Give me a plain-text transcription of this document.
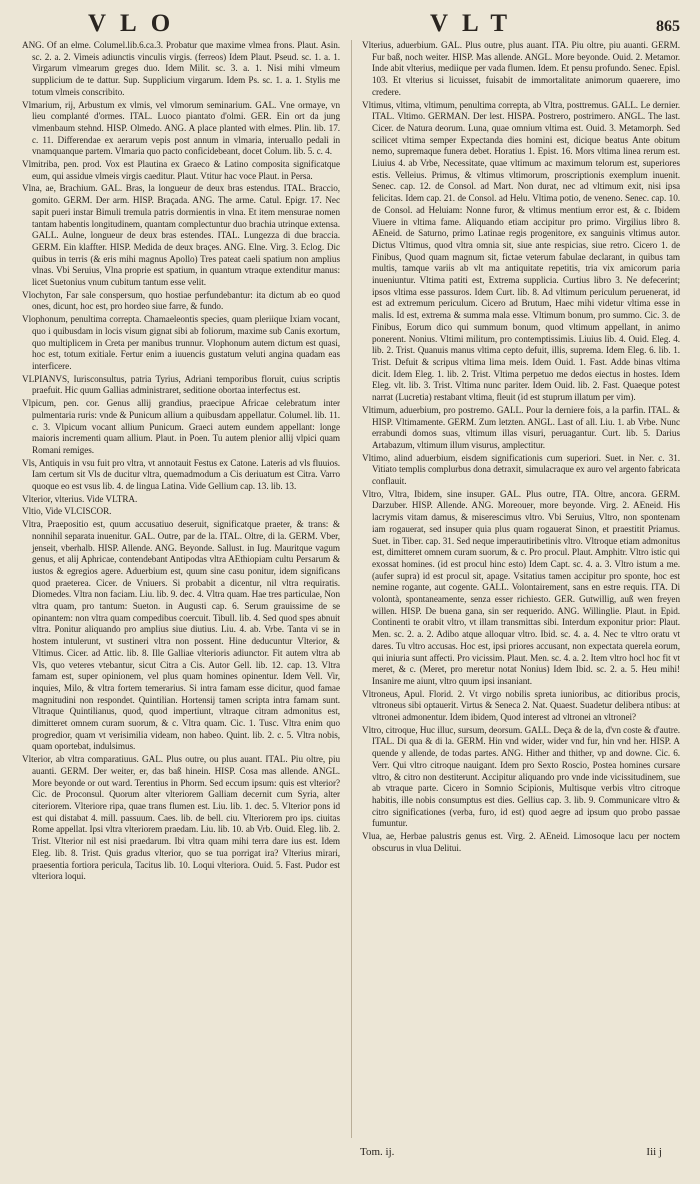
VLO	VLT	865

ANG. Of an elme. Columel.lib.6.ca.3. Probatur que maxime vlmea frons. Plaut. Asin. sc. 2. a. 2. Vimeis adiunctis vinculis virgis. (ferreos) Idem Plaut. Pseud. sc. 1. a. 1. Virgarum vlmearum greges duo. Idem Milit. sc. 3. a. 1. Nisi mihi vlmeum supplicium de te dattur. Sup. Supplicium virgarum. Idem Ps. sc. 1. a. 1. Stylis me totum vlmeis conscribito.

Vlmarium, rij, Arbustum ex vlmis, vel vlmorum seminarium. GAL. Vne ormaye, vn lieu complanté d'ormes. ITAL. Luoco piantato d'olmi. GER. Ein ort da jung vlmenbaum stehnd. HISP. Olmedo. ANG. A place planted with elmes. Plin. lib. 17. c. 11. Differendae ex aerarum vepis post annum in vlmaria, interuallo pedali in vnamquanque partem. Vlmaria quo pacto conficidebeant, docet Colum. lib. 5. c. 4.

Vlmitriba, pen. prod. Vox est Plautina ex Graeco & Latino composita significatque eum, qui assidue vlmeis virgis caeditur. Plaut. Vtitur hac voce Plaut. in Persa.

Vlna, ae, Brachium. GAL. Bras, la longueur de deux bras estendus. ITAL. Braccio, gomito. GERM. Der arm. HISP. Braçada. ANG. The arme. Catul. Epigr. 17. Nec sapit pueri instar Bimuli tremula patris dormientis in vlna. Et item mensurae nomen tantam habentis longitudinem, quantam complectuntur duo brachia utrinque extensa. GALL. Aulne, longueur de deux bras estendes. ITAL. Lungezza di due braccia. GERM. Ein klaffter. HISP. Medida de deux braçes. ANG. Elne. Virg. 3. Eclog. Dic quibus in terris (& eris mihi magnus Apollo) Tres pateat caeli spatium non amplius vlnas. Vbi Seruius, Vlna proprie est spatium, in quantum vtraque extenditur manus: licet Suetonius vnum cubitum tantum esse velit.

Vlochyton, Far sale conspersum, quo hostiae perfundebantur: ita dictum ab eo quod ones, dicunt, hoc est, pro hordeo siue farre, & fundo.

Vlophonum, penultima correpta. Chamaeleontis species, quam pleriique Ixiam vocant, quo i quibusdam in locis visum gignat sibi ab foliorum, maxime sub Canis exortum, quo multiplicem in Creta per manibus trunnur. Vlophonum autem dictum est quasi, hoc est, totum exitiale. Fertur enim a iuuencis gustatum veluti angina quadam eas interficere.

VLPIANVS, Iurisconsultus, patria Tyrius, Adriani temporibus floruit, cuius scriptis praefuit. Hic quum Gallias administraret, seditione obortaa interfectus est.

Vlpicum, pen. cor. Genus allij grandius, praecipue Africae celebratum inter pulmentaria ruris: vnde & Punicum allium a quibusdam appellatur. Columel. lib. 11. c. 3. Vlpicum vocant allium Punicum. Graeci autem eundem appellant: longe maioris incrementi quam allium. Plaut. in Poen. Tu autem plenior allij vlpici quam Romani remiges.

Vls, Antiquis in vsu fuit pro vltra, vt annotauit Festus ex Catone. Lateris ad vls fluuios. Iam certum sit Vls de ducitur vltra, quemadmodum a Cis deriuatum est Citra. Varro quoque eo est vsus lib. 4. de lingua Latina. Vide Gellium cap. 13. lib. 13.

Vlterior, vlterius. Vide VLTRA.

Vltio, Vide VLCISCOR.

Vltra, Praepositio est, quum accusatiuo deseruit, significatque praeter, & trans: & nonnihil separata inuenitur. GAL. Outre, par de la. ITAL. Oltre, di la. GERM. Vber, jenseit, vberhalb. HISP. Allende. ANG. Beyonde. Sallust. in Iug. Mauritque vagum genus, et alij Aphricae, contendebant Antipodas vltra AEthiopiam cultu Persarum & iustos & egregios agere. Aduerbium est, quum sine casu ponitur, idem significans quod praeterea. Cicer. de Vniuers. Si probabit a dicentur, nil vltra requiratis. Diomedes. Vltra non faciam. Liu. lib. 9. dec. 4. Vltra quam. Hae tres particulae, Non vltra quam, pro tantum: Sueton. in Augusti cap. 6. Serum grauissime de se opinantem: non vltra quam compedibus coercuit. Tibull. lib. 4. Sed quod spes abnuit vltra. Ponitur aliquando pro amplius siue diutius. Liu. 4. ab. Vrbe. Tanta vi se in hostem intulerunt, vt sustineri vltra non possent. Hine deducuntur Vlterior, & Vltimus. Cicer. ad Attic. lib. 8. Ille Galliae vlterioris adiunctor. Fit autem vltra ab Vls, quo veteres vtebantur, sicut Citra a Cis. Autor Gell. lib. 12. cap. 13. Vltra famam est, super opinionem, vel plus quam homines opinentur. Idem Vell. Vir, inquies, Milo, & vltra fortem temerarius. Si intra famam esse dicitur, quod famae magnitudini non respondet. Quintilian. Hortensij tamen scripta intra famam sunt. Vltraque Quintilianus, quod, quod impertiunt, vltraque citram admonitus est, dimitteret omnem curam suorum, & c. Vltra quam. Cic. 1. Tusc. Vltra enim quo progredior, quam vt verisimilia videam, non habeo. Quint. lib. 2. c. 5. Vltra nobis, quam oportebat, indulsimus.

Vlterior, ab vltra comparatiuus. GAL. Plus outre, ou plus auant. ITAL. Piu oltre, piu auanti. GERM. Der weiter, er, das baß hinein. HISP. Cosa mas allende. ANGL. More beyonde or out ward. Terentius in Phorm. Sed eccum ipsum: quis est vlterior? Cic. de Proconsul. Quorum alter vlteriorem Galliam decernit cum Syria, alter citeriorem. Vlteriore ripa, quae trans flumen est. Liu. lib. 1. dec. 5. Vlterior pons id est qui distabat 4. mill. passuum. Caes. lib. de bell. ciu. Vlteriorem pro ips. ciuitas Rome appellat. Ipsi vltra vlteriorem praedam. Liu. lib. 10. ab Vrb. Ouid. Eleg. lib. 2. Trist. Vlterior nil est nisi praedarum. Ibi vltra quam mihi terra dare ius est. Idem Eleg. lib. 8. Trist. Quis gradus vlterior, quo se tua porrigat ira? Vlterius mirari, praesentia fortiora pericula, Tacitus lib. 10. Loqui vlteriora. Ouid. 5. Fast. Pudor est vlteriora loqui.

Vlterius, aduerbium. GAL. Plus outre, plus auant. ITA. Piu oltre, piu auanti. GERM. Fur baß, noch weiter. HISP. Mas allende. ANGL. More beyonde. Ouid. 2. Metamor. Inde abit vlterius, mediique per vada flumen. Idem. Et pensu profundo. Senec. Episl. 103. Et vlterius si licuisset, fuisabit de immortalitate animorum quaerere, imo credere.

Vltimus, vltima, vltimum, penultima correpta, ab Vltra, posttremus. GALL. Le dernier. ITAL. Vltimo. GERMAN. Der lest. HISPA. Postrero, postrimero. ANGL. The last. Cicer. de Natura deorum. Luna, quae omnium vltima est. Ouid. 3. Metamorph. Sed scilicet vltima semper Expectanda dies homini est, dicique beatus Ante obitum nemo, supremaque funera debet. Horatius 1. Epist. 16. Mors vltima linea rerum est. Liuius 4. ab Vrbe, Necessitate, quae vltimum ac maximum telorum est, superiores estis. Velleius. Primus, & vltimus vltimorum, proscriptionis exemplum inuenit. Senec. cap. 12. de Consol. ad Mart. Non durat, nec ad vltimum exit, nisi ipsa felicitas. Idem cap. 21. de Consol. ad Helu. Vltima potio, de veneno. Senec. cap. 10. de Consol. ad Heluiam: Nonne furor, & vltimus mentium error est, & c. Ibidem Viuere in vltima fame. Aliquando etiam accipitur pro primo. Virgilius libro 8. AEneid. de Saturno, primo Latinae regis progenitore, ex sanguinis vltimus autor. Dictus Vltimus, quod vltra omnia sit, siue ante respicias, siue retro. Cicero 1. de Finibus, Quod quam magnum sit, fictae veterum fabulae declarant, in quibus tam multis, tamque variis ab vlt ma antiquitate repetitis, tria vix amicorum paria inueniuntur. Vltima patiti est, Extrema supplicia. Curtius libro 3. Ne defecerint; ipsos vltima esse passuros. Idem Curt. lib. 8. Ad vltimum periculum peruenerat, id est ad extremum periculum. Cicero ad Brutum, Haec mihi videtur vltima esse in malis. Id est, extrema & summa mala esse. Vltimum bonum, pro summo. Cic. 3. de Finibus, Eorum dico qui summum bonum, quod vltimum appellant, in animo ponerent. Nonius. Vltimi militum, pro contemptissimis. Liuius lib. 4. Ouid. Eleg. 4. lib. 2. Trist. Quanuis manus vltima cepto defuit, illis, suprema. Idem Eleg. 6. lib. 1. Trist. Defuit & scripus vltima lima meis. Idem Ouid. 1. Fast. Adde binas vltima dicit. Idem Eleg. 1. lib. 2. Trist. Vltima perpetuo me dedos eiectus in hostes. Idem Eleg. vlt. lib. 3. Trist. Vltima nunc pariter. Idem Ouid. lib. 2. Fast. Quaeque potest narrat (Lucretia) restabant vltima, fleuit (id est stuprum illatum per vim).

Vltimum, aduerbium, pro postremo. GALL. Pour la derniere fois, a la parfin. ITAL. & HISP. Vltimamente. GERM. Zum letzten. ANGL. Last of all. Liu. 1. ab Vrbe. Nunc errabundi domos suas, vltimum illas visuri, peruagantur. Curt. lib. 5. Darius Artabazum, vltimum illum visurus, amplectitur.

Vltimo, alind aduerbium, eisdem significationis cum superiori. Suet. in Ner. c. 31. Vitiato templis complurbus dona detraxit, simulacraque ex auro vel argento fabricata conflauit.

Vltro, Vltra, Ibidem, sine insuper. GAL. Plus outre, ITA. Oltre, ancora. GERM. Darzuber. HISP. Allende. ANG. Moreouer, more beyonde. Virg. 2. AEneid. His lacrymis vitam damus, & miserescimus vltro. Vbi Seruius, Vltro, non spontenam iam rogauerat, sed insuper quia plus quam rogauerat Sinon, et praestitit Priamus. Suet. in Tiber. cap. 31. Sed neque imperautiribetinis vltro. Vltroque etiam admonitus est, dimitteret omnem curam suorum, & c. Pro procul. Plaut. Amphitr. Vltro istic qui exossat homines. (id est procul hinc esto) Idem Capt. sc. 4. a. 3. Vltro istum a me. (aufer supra) id est procul sit, apage. Vsitatius tamen accipitur pro sponte, hoc est nemine rogante, aut cogente. GALL. Volontairement, sans en estre requis. ITA. Di volontà, spontaneamente, senza esser richiesto. GER. Gutwillig, auß wen freyen willen. HISP. De buena gana, sin ser requerido. ANG. Willinglie. Plaut. in Epid. Continenti te orabit vltro, vt illam transmittas sibi. Interdum exponitur prior: Plaut. Men. sc. 2. a. 2. Adibo atque alloquar vltro. Ibid. sc. 4. a. 4. Nec te vltro oratu vt dares. Tu vltro accusas. Hoc est, ipsi priores accusant, non expectata querela eorum, qui iniuria sunt affecti. Pro vicissim. Plaut. Men. sc. 4. a. 2. Item vltro hocl hoc fit vt meret, & c. (Meret, pro meretur notat Nonius) Idem Ibid. sc. 2. a. 5. Heu mihi! Insanire me aiunt, vltro quum ipsi insaniant.

Vltroneus, Apul. Florid. 2. Vt virgo nobilis spreta iunioribus, ac ditioribus procis, vltroneus sibi optauerit. Virtus & Seneca 2. Nat. Quaest. Suadetur delibera ntibus: at vltronei admonentur. Idem ibidem, Quod interest ad vltronei an vltronei?

Vltro, citroque, Huc illuc, sursum, deorsum. GALL. Deça & de la, d'vn coste & d'autre. ITAL. Di qua & di la. GERM. Hin vnd wider, wider vnd fur, hin vnd her. HISP. A quende y allende, de todas partes. ANG. Hither and thither, vp and downe. Cic. 6. Verr. Qui vltro citroque nauigant. Idem pro Sexto Roscio, Postea homines cursare vltro, & citro non destiterunt. Accipitur aliquando pro vnde inde vicissitudinem, sue ab vtraque parte. Cicero in Somnio Scipionis, Multisque verbis vltro citroque habitis, ille nobis consumptus est dies. Gellius cap. 3. lib. 9. Communicare vltro & citro significationes (verba, furo, id est) quod aegre ad ipsum quo probo passae fumuntur.

Vlua, ae, Herbae palustris genus est. Virg. 2. AEneid. Limosoque lacu per noctem obscurus in vlua Delitui.

Tom. ij.	Iii j
